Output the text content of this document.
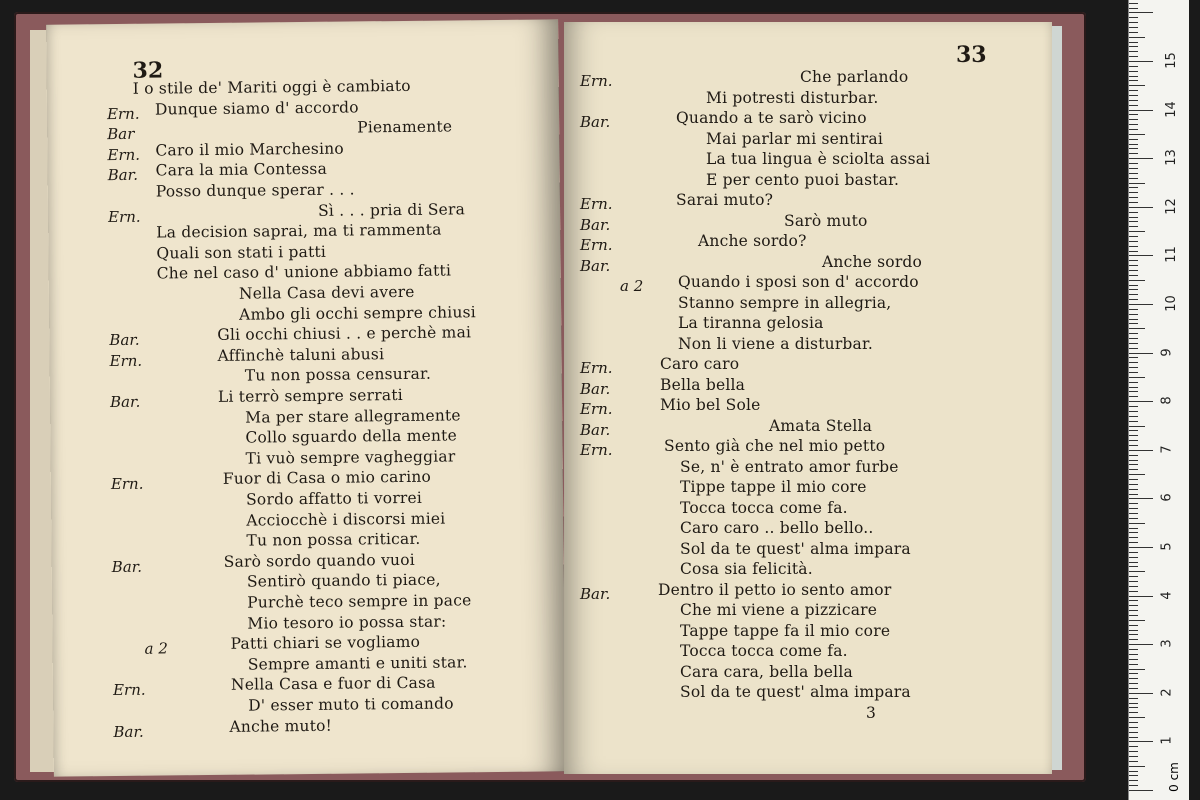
32
I o stile de' Mariti oggi è cambiato
Ern. Dunque siamo d' accordo
Bar	Pienamente
Ern. Caro il mio Marchesino
Bar. Cara la mia Contessa
Posso dunque sperar . . .
Ern.	Sì . . . pria di Sera
La decision saprai, ma ti rammenta
Quali son stati i patti
Che nel caso d' unione abbiamo fatti
Nella Casa devi avere
Ambo gli occhi sempre chiusi
Bar.	Gli occhi chiusi . . e perchè mai
Ern.	Affinchè taluni abusi
Tu non possa censurar.
Bar.	Li terrò sempre serrati
Ma per stare allegramente
Collo sguardo della mente
Ti vuò sempre vagheggiar
Ern.	Fuor di Casa o mio carino
Sordo affatto ti vorrei
Acciocchè i discorsi miei
Tu non possa criticar.
Bar.	Sarò sordo quando vuoi
Sentirò quando ti piace,
Purchè teco sempre in pace
Mio tesoro io possa star:
a 2	Patti chiari se vogliamo
Sempre amanti e uniti star.
Ern.	Nella Casa e fuor di Casa
D' esser muto ti comando
Bar.	Anche muto!
33
Ern.	Che parlando
Mi potresti disturbar.
Bar.	Quando a te sarò vicino
Mai parlar mi sentirai
La tua lingua è sciolta assai
E per cento puoi bastar.
Ern.	Sarai muto?
Bar.	Sarò muto
Ern.	Anche sordo?
Bar.	Anche sordo
a 2 Quando i sposi son d' accordo
Stanno sempre in allegria,
La tiranna gelosia
Non li viene a disturbar.
Ern.	Caro caro
Bar.	Bella bella
Ern.	Mio bel Sole
Bar.	Amata Stella
Ern.	Sento già che nel mio petto
Se, n' è entrato amor furbe
Tippe tappe il mio core
Tocca tocca come fa.
Caro caro .. bello bello..
Sol da te quest' alma impara
Cosa sia felicità.
Bar.	Dentro il petto io sento amor
Che mi viene a pizzicare
Tappe tappe fa il mio core
Tocca tocca come fa.
Cara cara, bella bella
Sol da te quest' alma impara
3
1
2
3
4
5
6
7
8
9
10
11
12
13
14
15
0 cm
